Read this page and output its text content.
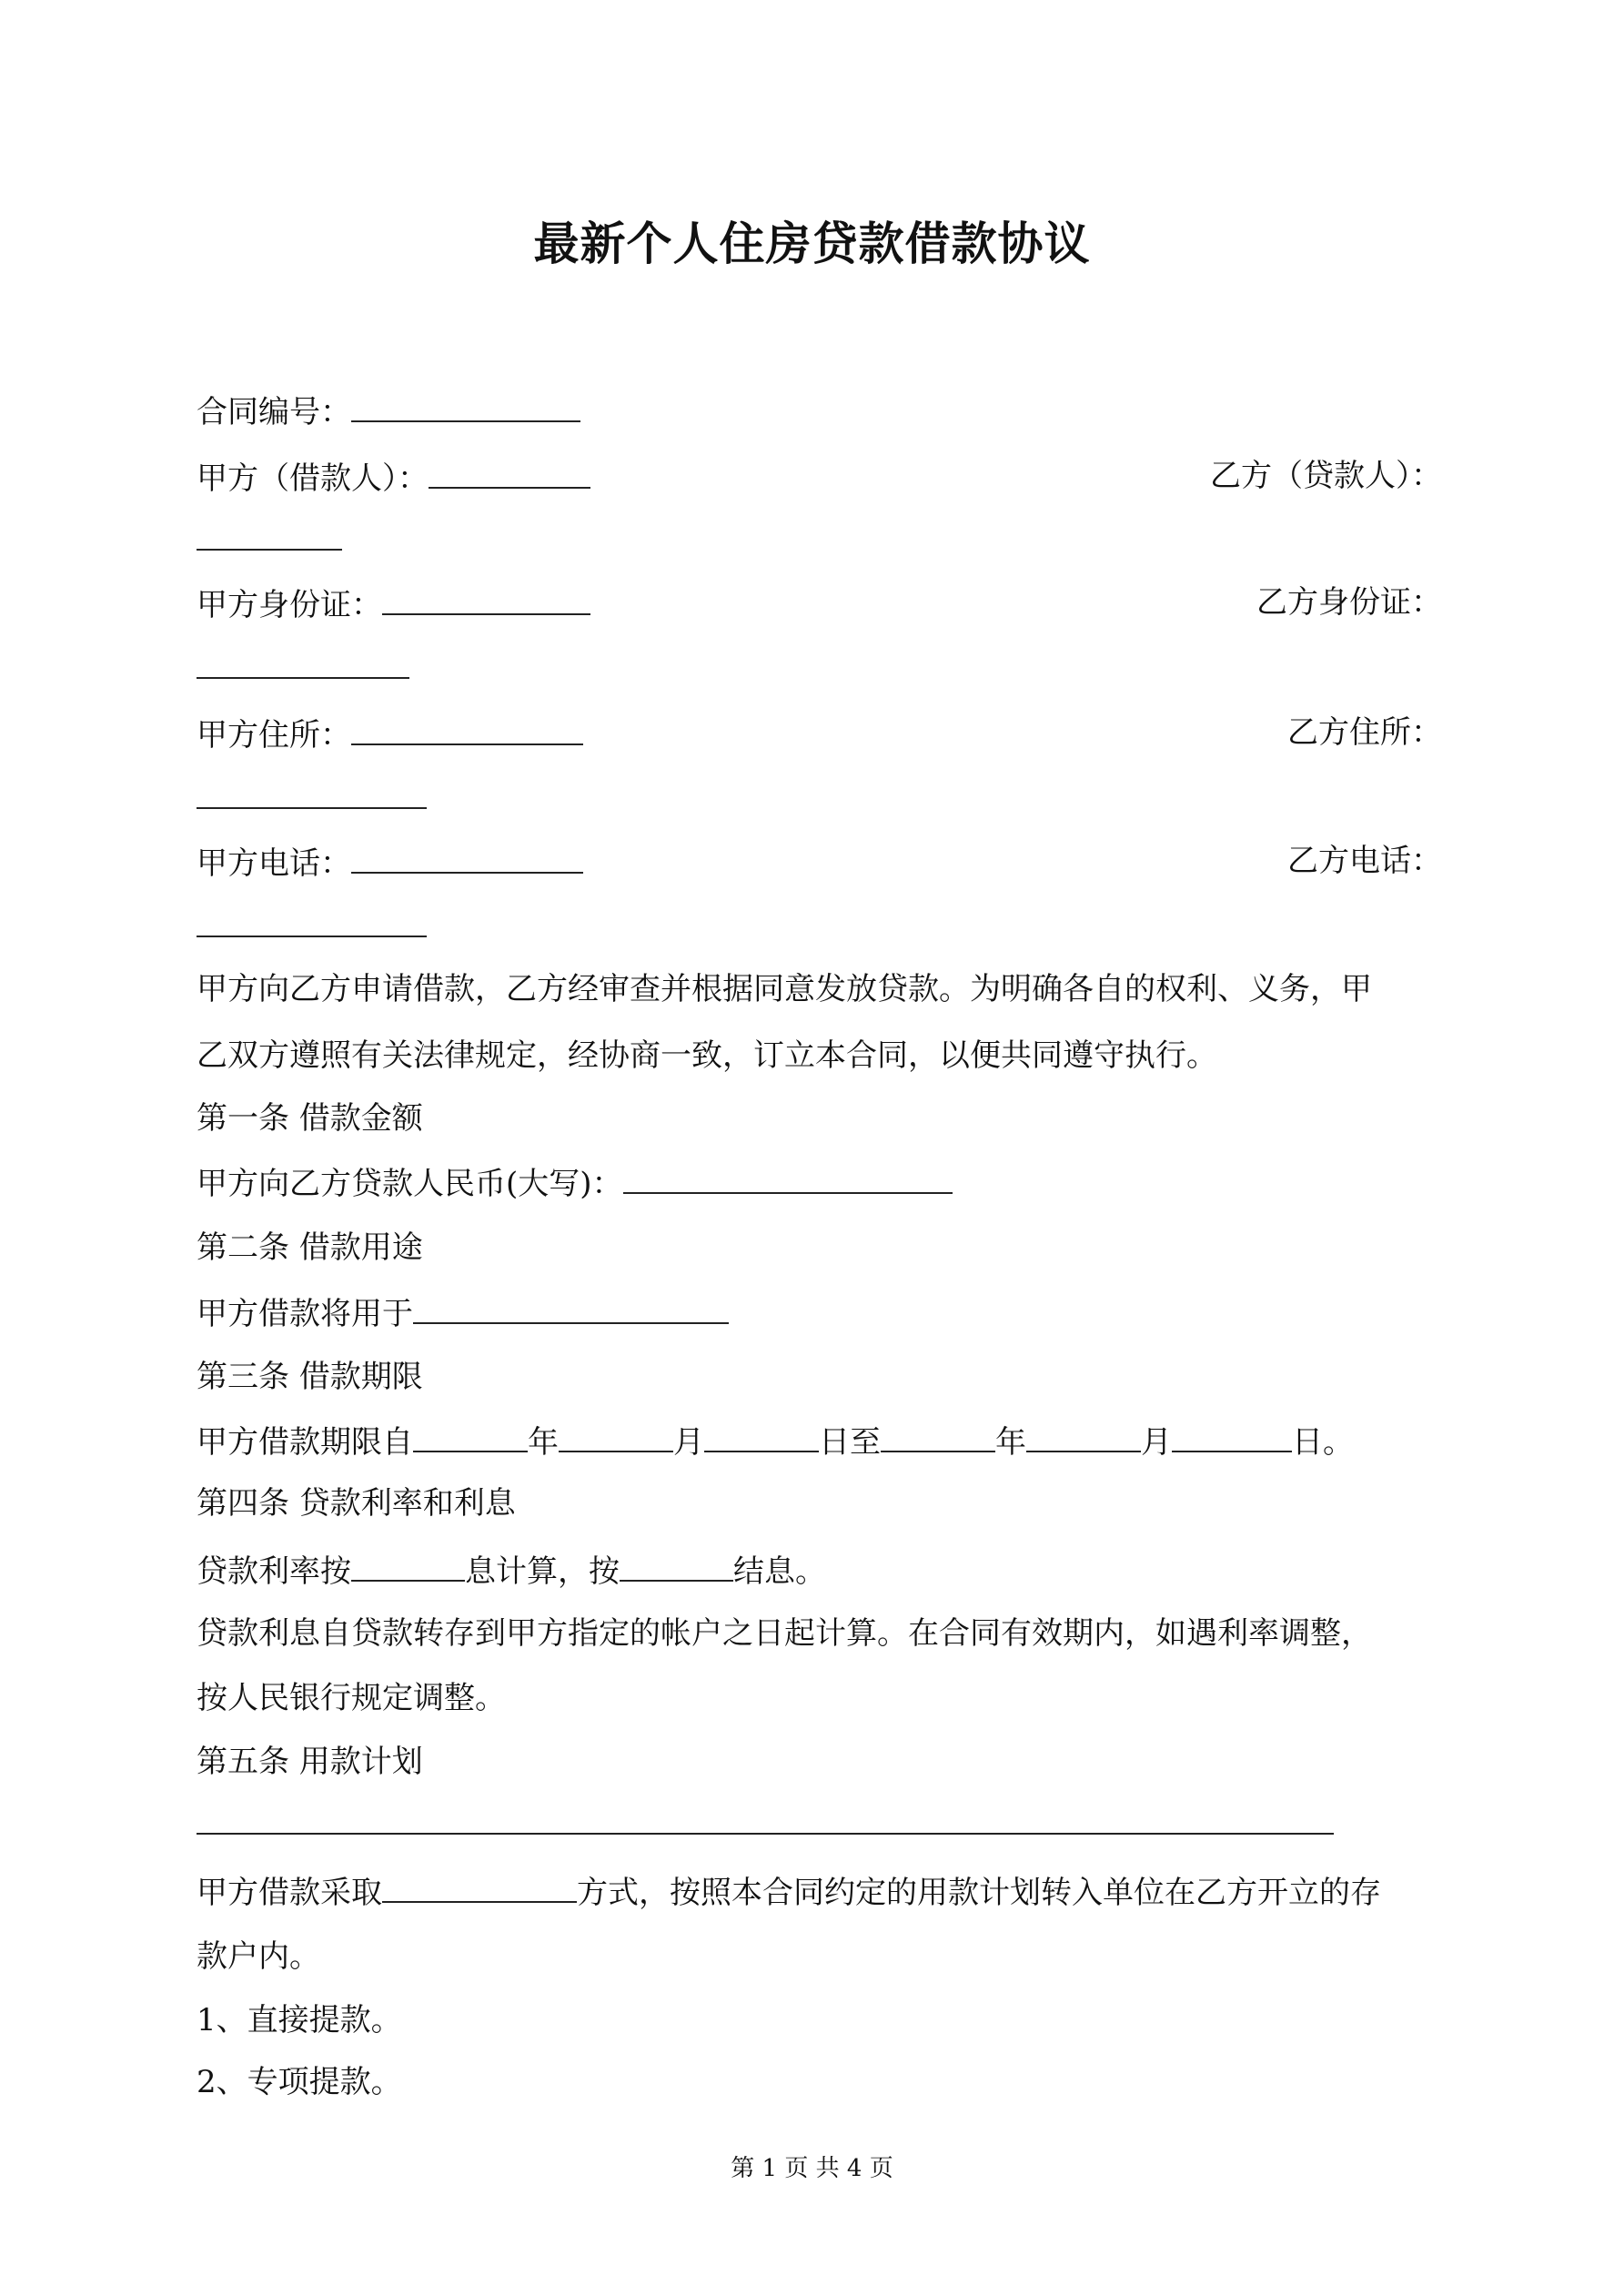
最新个人住房贷款借款协议
合同编号：
甲方（借款人）：	乙方（贷款人）：
甲方身份证：	乙方身份证：
甲方住所：	乙方住所：
甲方电话：	乙方电话：
甲方向乙方申请借款，乙方经审查并根据同意发放贷款。为明确各自的权利、义务，甲
乙双方遵照有关法律规定，经协商一致，订立本合同，以便共同遵守执行。
第一条 借款金额
甲方向乙方贷款人民币(大写)：
第二条 借款用途
甲方借款将用于
第三条 借款期限
甲方借款期限自	年	月	日至	年	月	日。
第四条 贷款利率和利息
贷款利率按	息计算，按	结息。
贷款利息自贷款转存到甲方指定的帐户之日起计算。在合同有效期内，如遇利率调整，
按人民银行规定调整。
第五条 用款计划
甲方借款采取	方式，按照本合同约定的用款计划转入单位在乙方开立的存
款户内。
1、直接提款。
2、专项提款。
第 1 页 共 4 页
